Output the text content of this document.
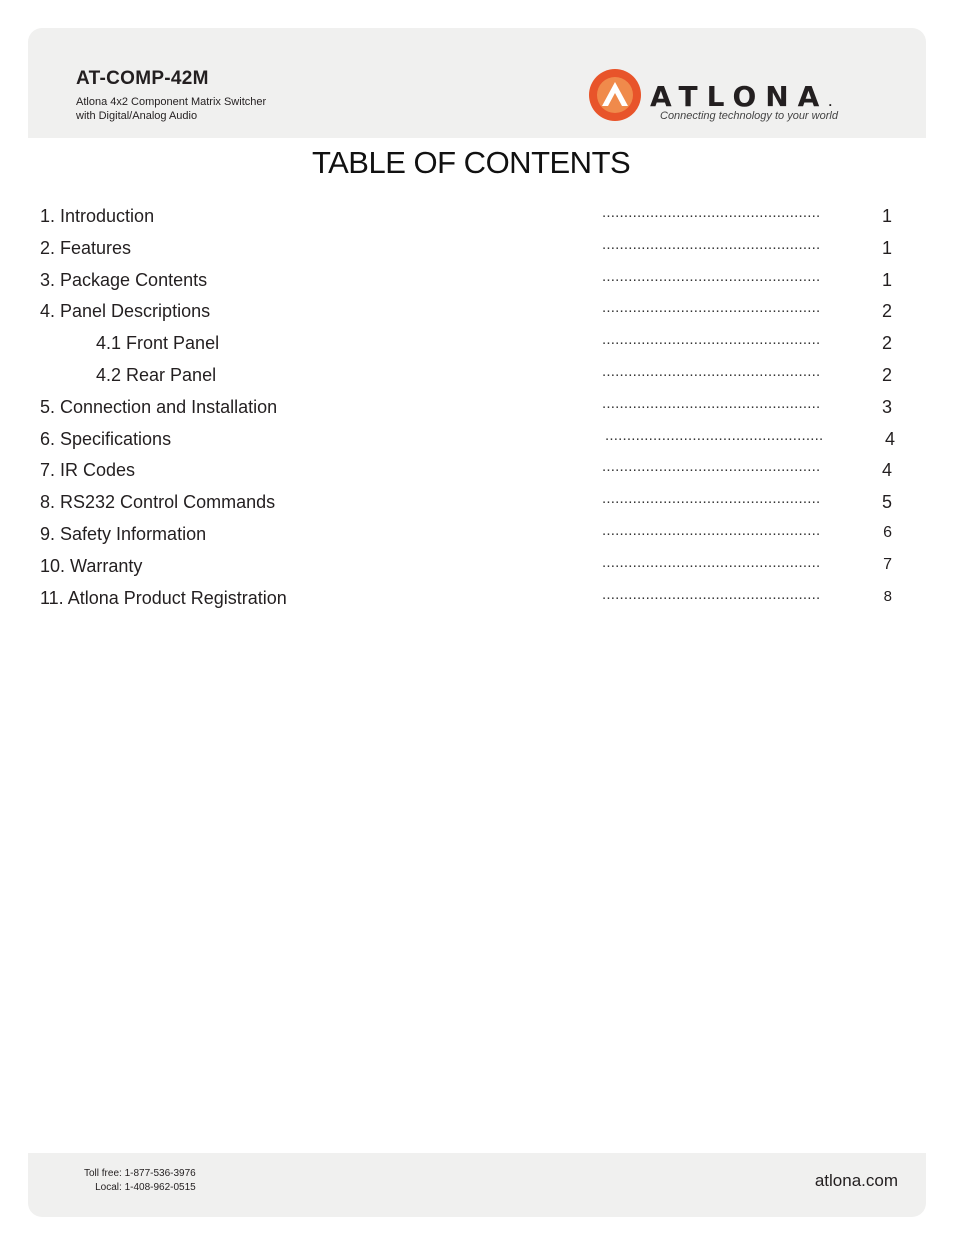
AT-COMP-42M
Atlona 4x2 Component Matrix Switcher
with Digital/Analog Audio
ATLONA.
Connecting technology to your world
TABLE OF CONTENTS
1. Introduction	..................................................	1
2. Features	..................................................	1
3. Package Contents	..................................................	1
4. Panel Descriptions	..................................................	2
4.1 Front Panel	..................................................	2
4.2 Rear Panel	..................................................	2
5. Connection and Installation	..................................................	3
6. Specifications	..................................................	4
7. IR Codes	..................................................	4
8. RS232 Control Commands	..................................................	5
9. Safety Information	..................................................	6
10. Warranty	..................................................	7
11. Atlona Product Registration	..................................................	8
Toll free: 1-877-536-3976
Local: 1-408-962-0515	atlona.com
